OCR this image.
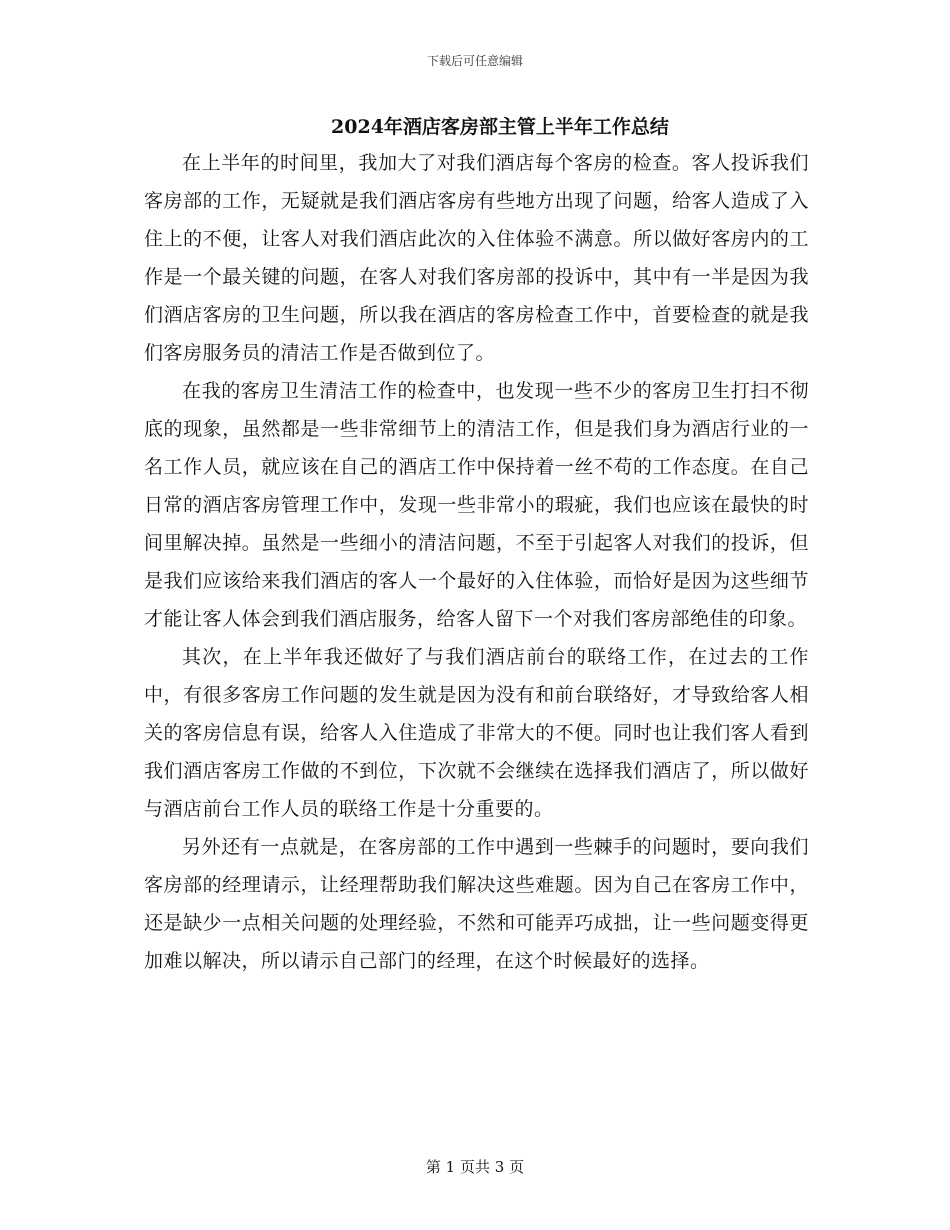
下载后可任意编辑
2024年酒店客房部主管上半年工作总结

在上半年的时间里，我加大了对我们酒店每个客房的检查。客人投诉我们客房部的工作，无疑就是我们酒店客房有些地方出现了问题，给客人造成了入住上的不便，让客人对我们酒店此次的入住体验不满意。所以做好客房内的工作是一个最关键的问题，在客人对我们客房部的投诉中，其中有一半是因为我们酒店客房的卫生问题，所以我在酒店的客房检查工作中，首要检查的就是我们客房服务员的清洁工作是否做到位了。

在我的客房卫生清洁工作的检查中，也发现一些不少的客房卫生打扫不彻底的现象，虽然都是一些非常细节上的清洁工作，但是我们身为酒店行业的一名工作人员，就应该在自己的酒店工作中保持着一丝不苟的工作态度。在自己日常的酒店客房管理工作中，发现一些非常小的瑕疵，我们也应该在最快的时间里解决掉。虽然是一些细小的清洁问题，不至于引起客人对我们的投诉，但是我们应该给来我们酒店的客人一个最好的入住体验，而恰好是因为这些细节才能让客人体会到我们酒店服务，给客人留下一个对我们客房部绝佳的印象。

其次，在上半年我还做好了与我们酒店前台的联络工作，在过去的工作中，有很多客房工作问题的发生就是因为没有和前台联络好，才导致给客人相关的客房信息有误，给客人入住造成了非常大的不便。同时也让我们客人看到我们酒店客房工作做的不到位，下次就不会继续在选择我们酒店了，所以做好与酒店前台工作人员的联络工作是十分重要的。

另外还有一点就是，在客房部的工作中遇到一些棘手的问题时，要向我们客房部的经理请示，让经理帮助我们解决这些难题。因为自己在客房工作中，还是缺少一点相关问题的处理经验，不然和可能弄巧成拙，让一些问题变得更加难以解决，所以请示自己部门的经理，在这个时候最好的选择。

第 1 页共 3 页
